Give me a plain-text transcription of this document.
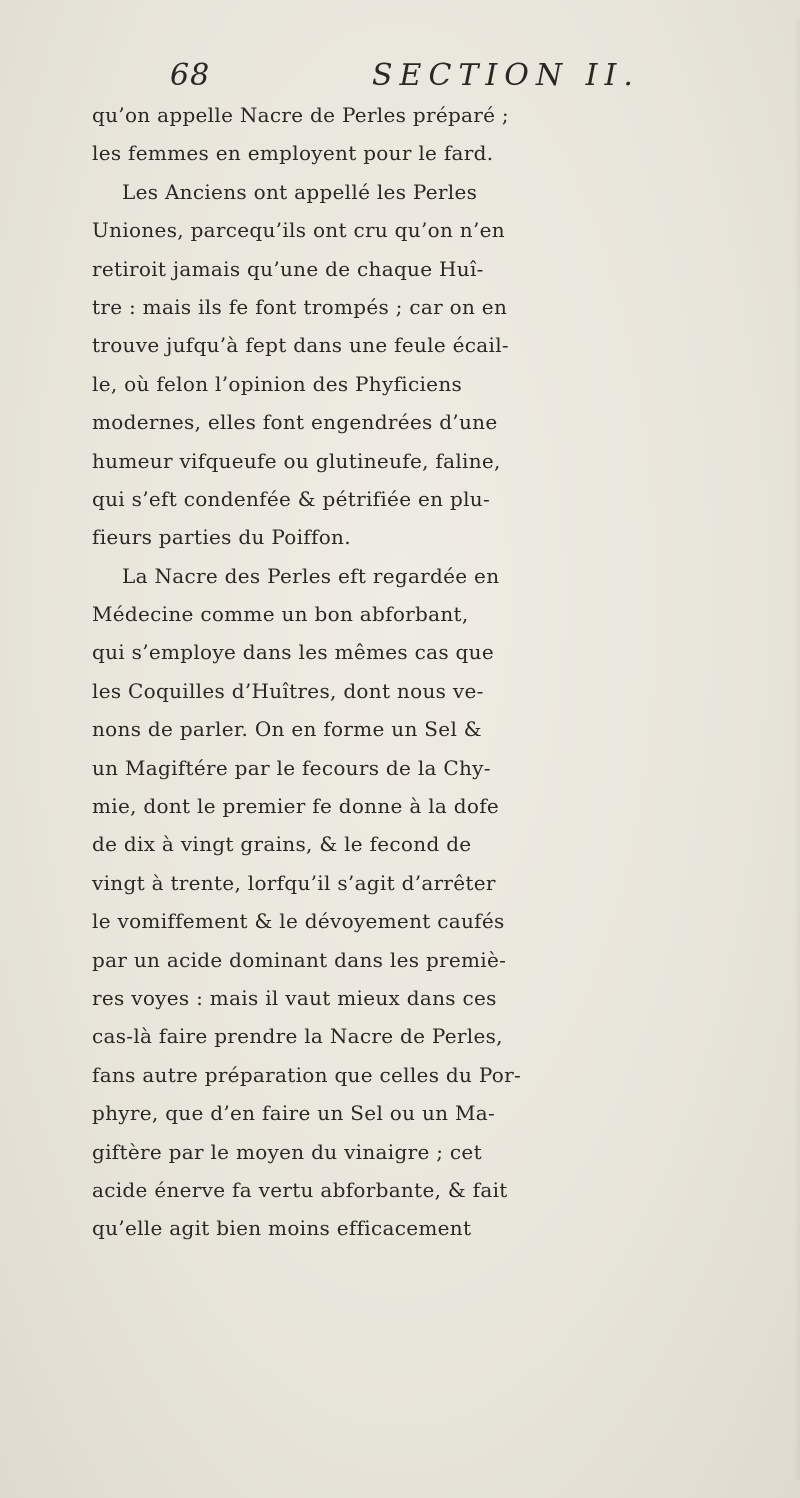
68	SECTION II.
qu’on appelle Nacre de Perles préparé ;
les femmes en employent pour le fard.
Les Anciens ont appellé les Perles
Uniones, parcequ’ils ont cru qu’on n’en
retiroit jamais qu’une de chaque Huî-
tre : mais ils fe font trompés ; car on en
trouve jufqu’à fept dans une feule écail-
le, où felon l’opinion des Phyficiens
modernes, elles font engendrées d’une
humeur vifqueufe ou glutineufe, faline,
qui s’eft condenfée & pétrifiée en plu-
fieurs parties du Poiffon.
La Nacre des Perles eft regardée en
Médecine comme un bon abforbant,
qui s’employe dans les mêmes cas que
les Coquilles d’Huîtres, dont nous ve-
nons de parler. On en forme un Sel &
un Magiftére par le fecours de la Chy-
mie, dont le premier fe donne à la dofe
de dix à vingt grains, & le fecond de
vingt à trente, lorfqu’il s’agit d’arrêter
le vomiffement & le dévoyement caufés
par un acide dominant dans les premiè-
res voyes : mais il vaut mieux dans ces
cas-là faire prendre la Nacre de Perles,
fans autre préparation que celles du Por-
phyre, que d’en faire un Sel ou un Ma-
giftère par le moyen du vinaigre ; cet
acide énerve fa vertu abforbante, & fait
qu’elle agit bien moins efficacement
